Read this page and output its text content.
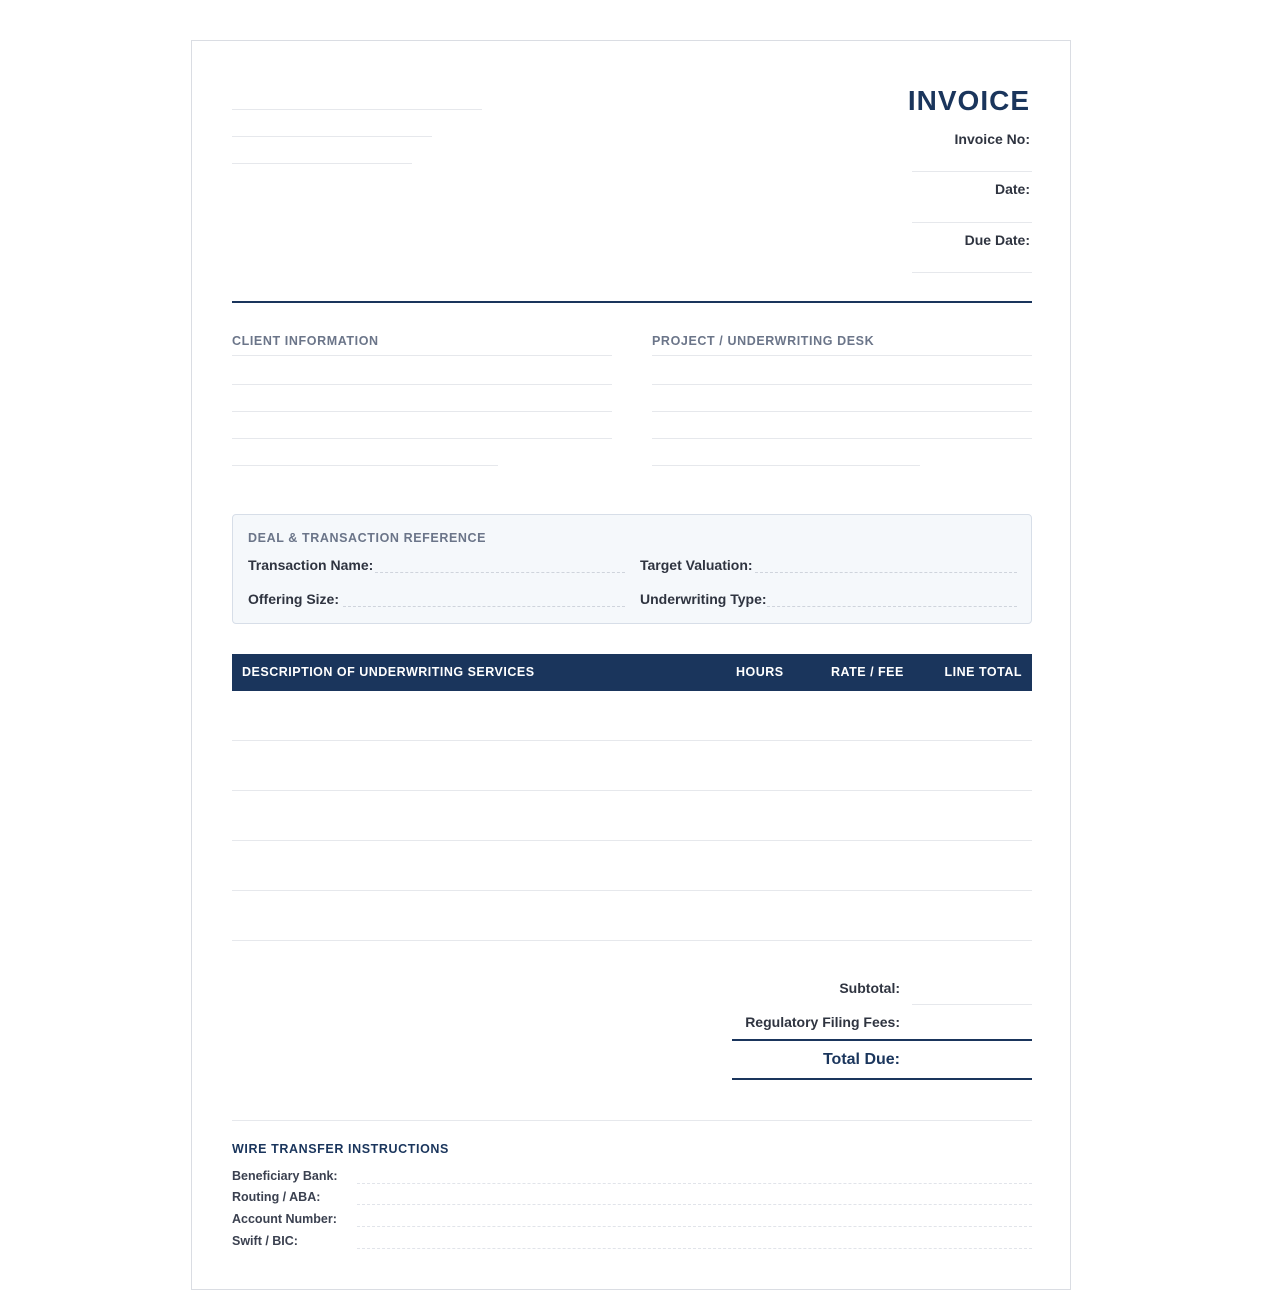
INVOICE
Invoice No:
Date:
Due Date:
CLIENT INFORMATION	PROJECT / UNDERWRITING DESK
DEAL & TRANSACTION REFERENCE
Transaction Name:	Target Valuation:
Offering Size:	Underwriting Type:
DESCRIPTION OF UNDERWRITING SERVICES	HOURS	RATE / FEE	LINE TOTAL
Subtotal:
Regulatory Filing Fees:
Total Due:
WIRE TRANSFER INSTRUCTIONS
Beneficiary Bank:
Routing / ABA:
Account Number:
Swift / BIC:
